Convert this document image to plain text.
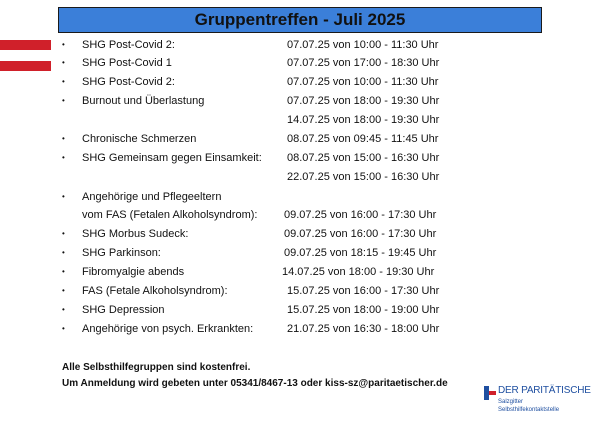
Gruppentreffen - Juli 2025
• SHG Post-Covid 2:	07.07.25 von 10:00 - 11:30 Uhr
• SHG Post-Covid 1	07.07.25 von 17:00 - 18:30 Uhr
• SHG Post-Covid 2:	07.07.25 von 10:00 - 11:30 Uhr
• Burnout und Überlastung	07.07.25 von 18:00 - 19:30 Uhr
14.07.25 von 18:00 - 19:30 Uhr
• Chronische Schmerzen	08.07.25 von 09:45 - 11:45 Uhr
• SHG Gemeinsam gegen Einsamkeit: 08.07.25 von 15:00 - 16:30 Uhr
22.07.25 von 15:00 - 16:30 Uhr
• Angehörige und Pflegeeltern
vom FAS (Fetalen Alkoholsyndrom): 09.07.25 von 16:00 - 17:30 Uhr
• SHG Morbus Sudeck:	09.07.25 von 16:00 - 17:30 Uhr
• SHG Parkinson:	09.07.25 von 18:15 - 19:45 Uhr
• Fibromyalgie abends	14.07.25 von 18:00 - 19:30 Uhr
• FAS (Fetale Alkoholsyndrom):	15.07.25 von 16:00 - 17:30 Uhr
• SHG Depression	15.07.25 von 18:00 - 19:00 Uhr
• Angehörige von psych. Erkrankten:	21.07.25 von 16:30 - 18:00 Uhr
Alle Selbsthilfegruppen sind kostenfrei.
Um Anmeldung wird gebeten unter 05341/8467-13 oder kiss-sz@paritaetischer.de
DER PARITÄTISCHE
Salzgitter
Selbsthilfekontaktstelle
